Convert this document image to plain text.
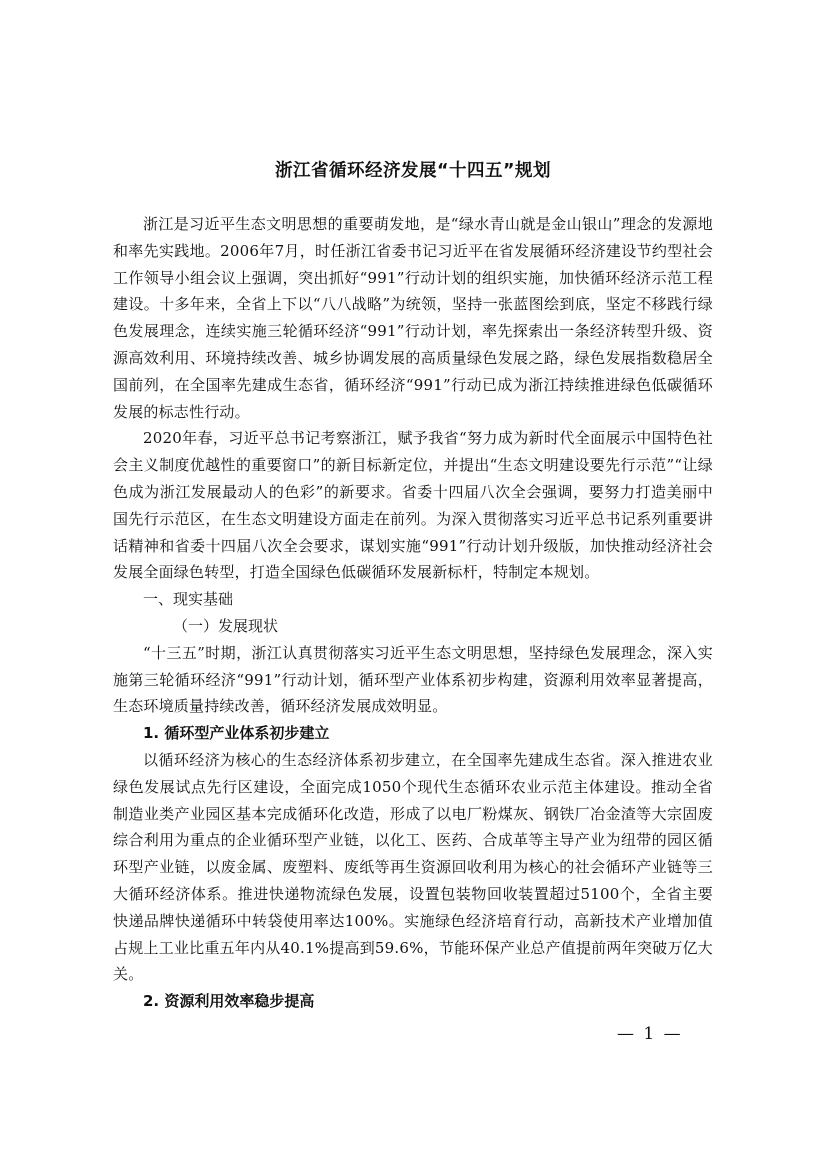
浙江省循环经济发展“十四五”规划

浙江是习近平生态文明思想的重要萌发地，是“绿水青山就是金山银山”理念的发源地和率先实践地。2006年7月，时任浙江省委书记习近平在省发展循环经济建设节约型社会工作领导小组会议上强调，突出抓好“991”行动计划的组织实施，加快循环经济示范工程建设。十多年来，全省上下以“八八战略”为统领，坚持一张蓝图绘到底，坚定不移践行绿色发展理念，连续实施三轮循环经济“991”行动计划，率先探索出一条经济转型升级、资源高效利用、环境持续改善、城乡协调发展的高质量绿色发展之路，绿色发展指数稳居全国前列，在全国率先建成生态省，循环经济“991”行动已成为浙江持续推进绿色低碳循环发展的标志性行动。

2020年春，习近平总书记考察浙江，赋予我省“努力成为新时代全面展示中国特色社会主义制度优越性的重要窗口”的新目标新定位，并提出“生态文明建设要先行示范”“让绿色成为浙江发展最动人的色彩”的新要求。省委十四届八次全会强调，要努力打造美丽中国先行示范区，在生态文明建设方面走在前列。为深入贯彻落实习近平总书记系列重要讲话精神和省委十四届八次全会要求，谋划实施“991”行动计划升级版，加快推动经济社会发展全面绿色转型，打造全国绿色低碳循环发展新标杆，特制定本规划。

一、现实基础

（一）发展现状

“十三五”时期，浙江认真贯彻落实习近平生态文明思想，坚持绿色发展理念，深入实施第三轮循环经济“991”行动计划，循环型产业体系初步构建，资源利用效率显著提高，生态环境质量持续改善，循环经济发展成效明显。

1. 循环型产业体系初步建立

以循环经济为核心的生态经济体系初步建立，在全国率先建成生态省。深入推进农业绿色发展试点先行区建设，全面完成1050个现代生态循环农业示范主体建设。推动全省制造业类产业园区基本完成循环化改造，形成了以电厂粉煤灰、钢铁厂冶金渣等大宗固废综合利用为重点的企业循环型产业链，以化工、医药、合成革等主导产业为纽带的园区循环型产业链，以废金属、废塑料、废纸等再生资源回收利用为核心的社会循环产业链等三大循环经济体系。推进快递物流绿色发展，设置包装物回收装置超过5100个，全省主要快递品牌快递循环中转袋使用率达100%。实施绿色经济培育行动，高新技术产业增加值占规上工业比重五年内从40.1%提高到59.6%，节能环保产业总产值提前两年突破万亿大关。

2. 资源利用效率稳步提高

— 1 —
